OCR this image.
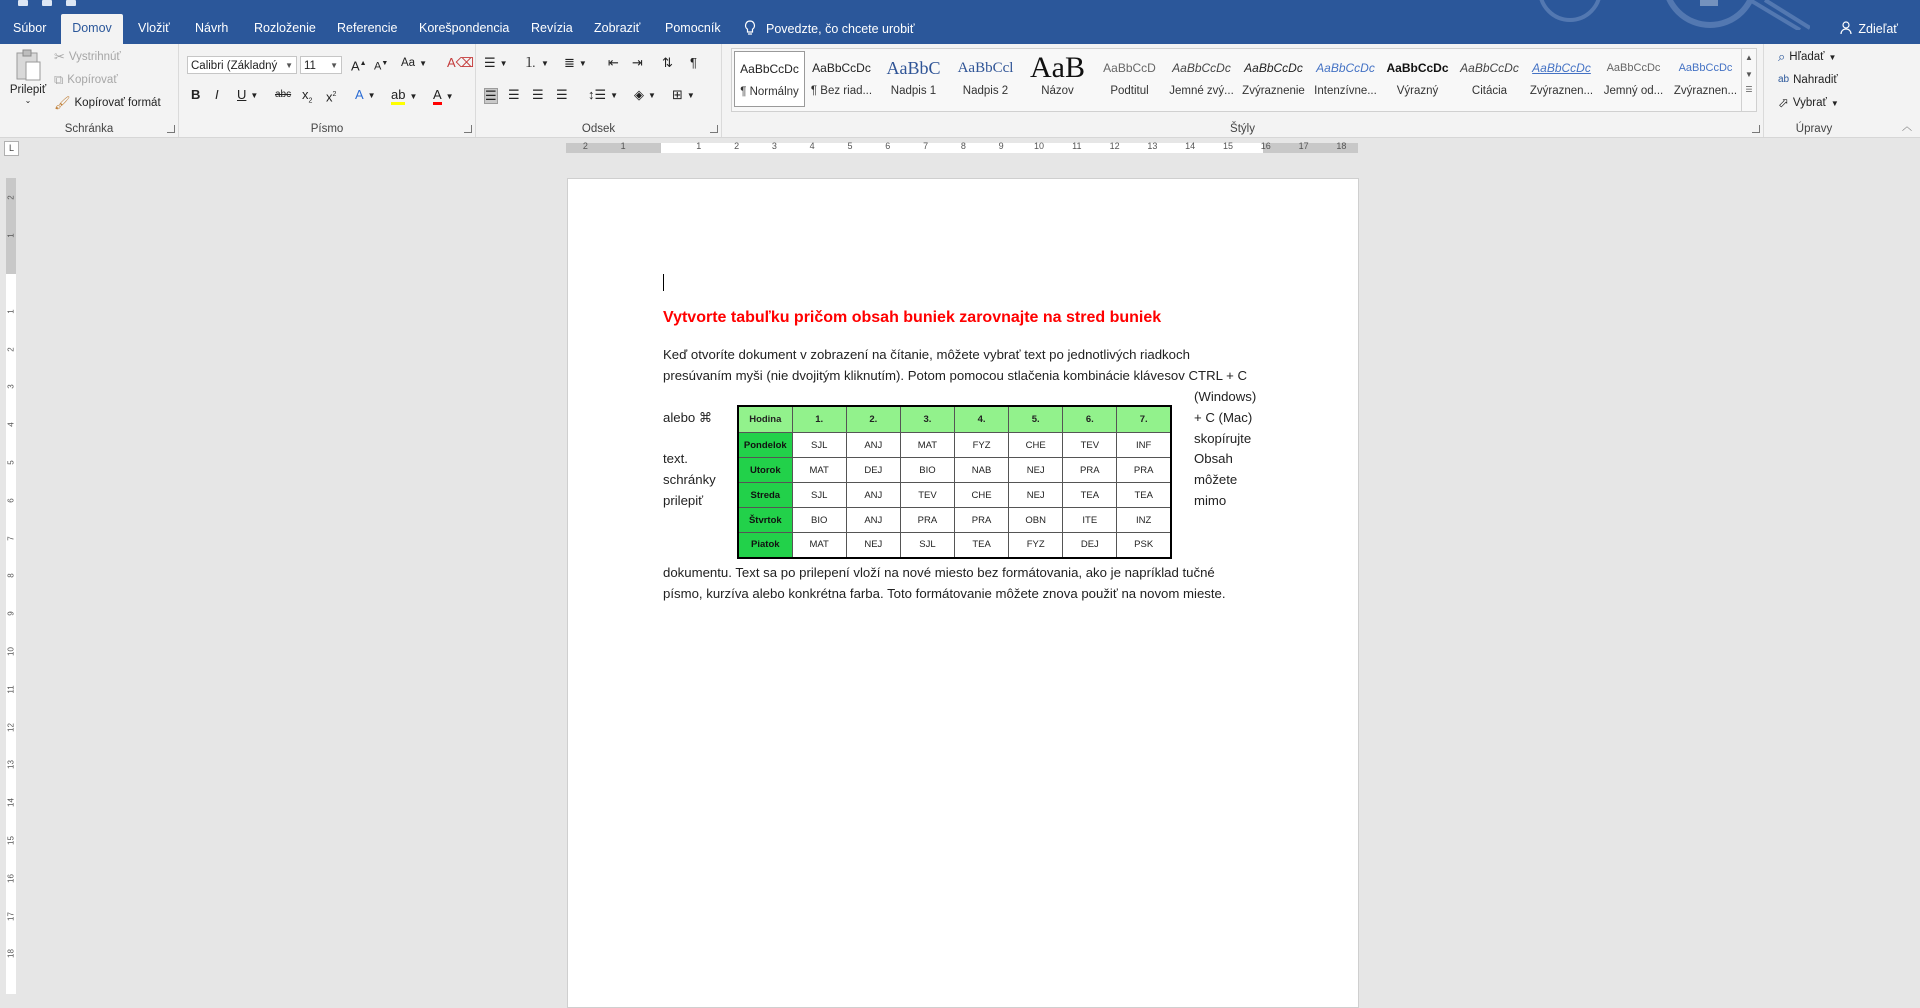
Súbor	Domov	Vložiť Návrh Rozloženie Referencie Korešpondencia Revízia Zobraziť Pomocník	Povedzte, čo chcete urobiť	Zdieľať
Prilepiť
⌄
✂ Vystrihnúť
⧉ Kopírovať
🖌 Kopírovať formát
Schránka
Calibri (Základný ▼ 11 ▼ A▲ A▼ Aa ▼ A⌫
B I U ▼ abc $x_2$ $x^2$ A ▼ ab ▼ A ▼
Písmo
☰ ▼ ⒈ ▼ ≣ ▼ ⇤ ⇥ ⇅ ¶
☰ ☰ ☰ ☰ ↕☰ ▼ ◈ ▼ ⊞ ▼
Odsek
AaBbCcDc
¶ Normálny
AaBbCcDc
¶ Bez riad...
AaBbC
Nadpis 1
AaBbCcl
Nadpis 2
AaB
Názov
AaBbCcD
Podtitul
AaBbCcDc
Jemné zvý...
AaBbCcDc
Zvýraznenie
AaBbCcDc
Intenzívne...
AaBbCcDc
Výrazný
AaBbCcDc
Citácia
AaBbCcDc
Zvýraznen...
AaBbCcDc
Jemný od...
AaBbCcDc
Zvýraznen...
▲
▼
☰
Štýly
⌕ Hľadať ▼
ab Nahradiť
⬀ Vybrať ▼
Úpravy	︿
L	2	1	1	2	3	4	5	6	7	8	9	10	11	12	13	14	15	16	17	18
2
1
1
2
3
4
5
6
7
8
9
10
11
12
13
14
15
16
17
18
Vytvorte tabuľku pričom obsah buniek zarovnajte na stred buniek
Keď otvoríte dokument v zobrazení na čítanie, môžete vybrať text po jednotlivých riadkoch
presúvaním myši (nie dvojitým kliknutím). Potom pomocou stlačenia kombinácie klávesov CTRL + C
alebo ⌘
text.
schránky
prilepiť
(Windows)
+ C (Mac)
skopírujte
Obsah
môžete
mimo
Hodina	1.	2.	3.	4.	5.	6.	7.
Pondelok	SJL	ANJ	MAT	FYZ	CHE	TEV	INF
Utorok	MAT	DEJ	BIO	NAB	NEJ	PRA	PRA
Streda	SJL	ANJ	TEV	CHE	NEJ	TEA	TEA
Štvrtok	BIO	ANJ	PRA	PRA	OBN	ITE	INZ
Piatok	MAT	NEJ	SJL	TEA	FYZ	DEJ	PSK
dokumentu. Text sa po prilepení vloží na nové miesto bez formátovania, ako je napríklad tučné
písmo, kurzíva alebo konkrétna farba. Toto formátovanie môžete znova použiť na novom mieste.
